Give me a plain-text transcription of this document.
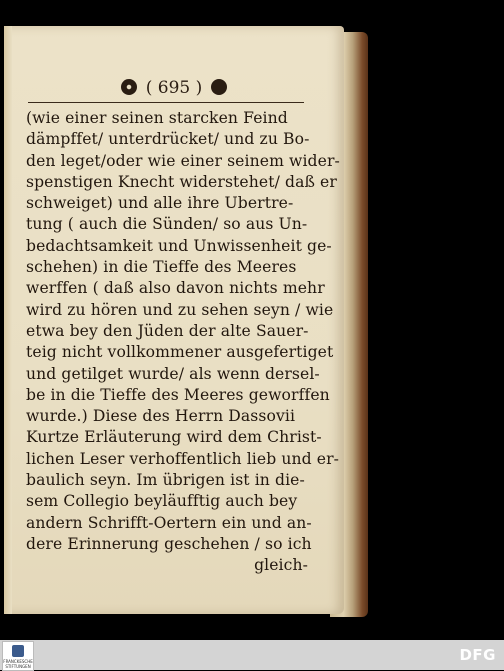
( 695 )
(wie einer seinen starcken Feind
dämpffet/ unterdrücket/ und zu Bo-
den leget/oder wie einer seinem wider-
spenstigen Knecht widerstehet/ daß er
schweiget) und alle ihre Ubertre-
tung ( auch die Sünden/ so aus Un-
bedachtsamkeit und Unwissenheit ge-
schehen) in die Tieffe des Meeres
werffen ( daß also davon nichts mehr
wird zu hören und zu sehen seyn / wie
etwa bey den Jüden der alte Sauer-
teig nicht vollkommener ausgefertiget
und getilget wurde/ als wenn dersel-
be in die Tieffe des Meeres geworffen
wurde.) Diese des Herrn Dassovii
Kurtze Erläuterung wird dem Christ-
lichen Leser verhoffentlich lieb und er-
baulich seyn. Im übrigen ist in die-
sem Collegio beyläufftig auch bey
andern Schrifft-Oertern ein und an-
dere Erinnerung geschehen / so ich
gleich-
FRANCKESCHE STIFTUNGEN
DFG
